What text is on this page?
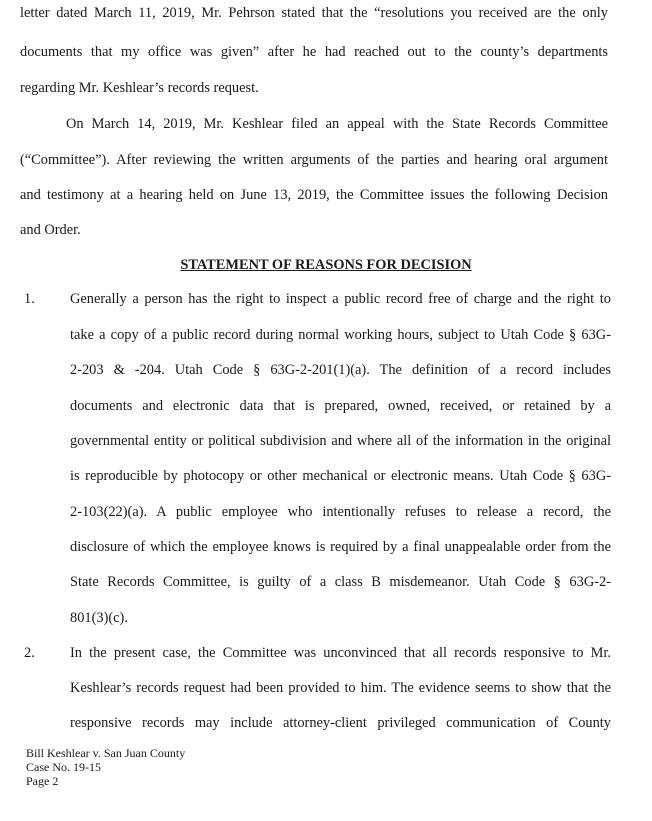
letter dated March 11, 2019, Mr. Pehrson stated that the “resolutions you received are the only
documents that my office was given” after he had reached out to the county’s departments
regarding Mr. Keshlear’s records request.
On March 14, 2019, Mr. Keshlear filed an appeal with the State Records Committee
(“Committee”). After reviewing the written arguments of the parties and hearing oral argument
and testimony at a hearing held on June 13, 2019, the Committee issues the following Decision
and Order.
STATEMENT OF REASONS FOR DECISION
1. Generally a person has the right to inspect a public record free of charge and the right to
take a copy of a public record during normal working hours, subject to Utah Code § 63G-
2-203 & -204. Utah Code § 63G-2-201(1)(a). The definition of a record includes
documents and electronic data that is prepared, owned, received, or retained by a
governmental entity or political subdivision and where all of the information in the original
is reproducible by photocopy or other mechanical or electronic means. Utah Code § 63G-
2-103(22)(a). A public employee who intentionally refuses to release a record, the
disclosure of which the employee knows is required by a final unappealable order from the
State Records Committee, is guilty of a class B misdemeanor. Utah Code § 63G-2-
801(3)(c).
2. In the present case, the Committee was unconvinced that all records responsive to Mr.
Keshlear’s records request had been provided to him. The evidence seems to show that the
responsive records may include attorney-client privileged communication of County
Bill Keshlear v. San Juan County
Case No. 19-15
Page 2
